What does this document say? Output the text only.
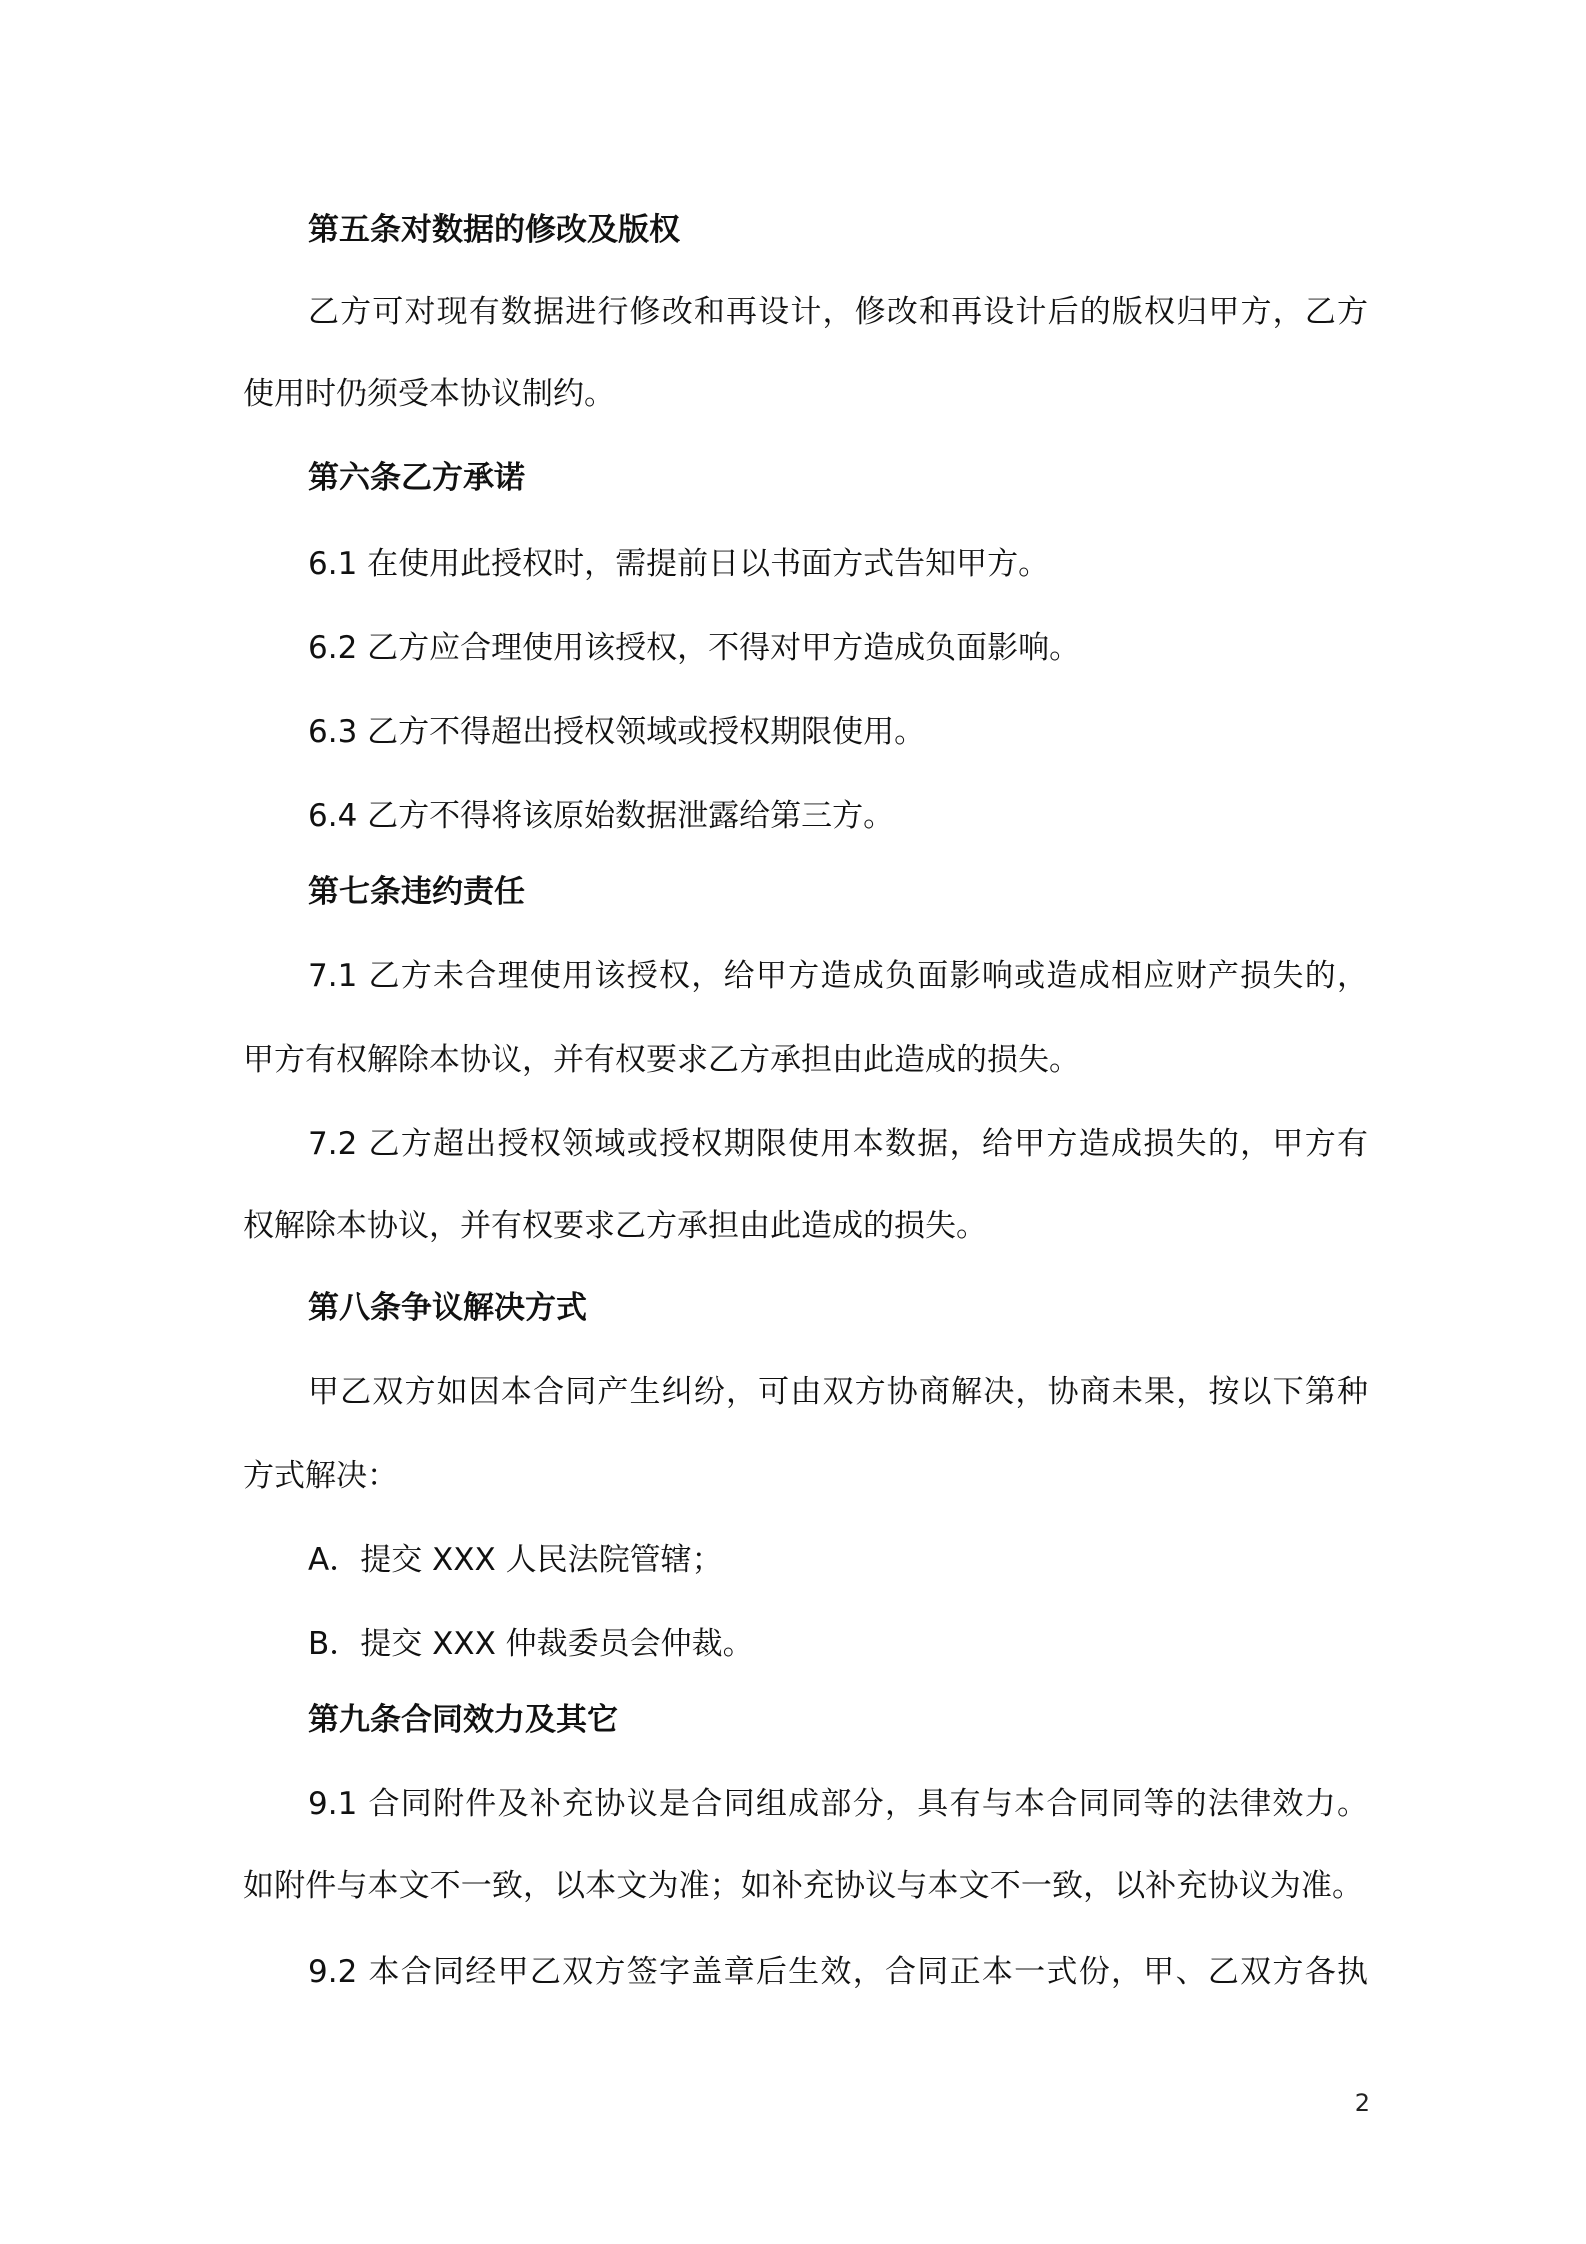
第五条对数据的修改及版权
乙方可对现有数据进行修改和再设计，修改和再设计后的版权归甲方，乙方
使用时仍须受本协议制约。
第六条乙方承诺
6.1 在使用此授权时，需提前日以书面方式告知甲方。
6.2 乙方应合理使用该授权，不得对甲方造成负面影响。
6.3 乙方不得超出授权领域或授权期限使用。
6.4 乙方不得将该原始数据泄露给第三方。
第七条违约责任
7.1 乙方未合理使用该授权，给甲方造成负面影响或造成相应财产损失的，
甲方有权解除本协议，并有权要求乙方承担由此造成的损失。
7.2 乙方超出授权领域或授权期限使用本数据，给甲方造成损失的，甲方有
权解除本协议，并有权要求乙方承担由此造成的损失。
第八条争议解决方式
甲乙双方如因本合同产生纠纷，可由双方协商解决，协商未果，按以下第种
方式解决：
A．提交 XXX 人民法院管辖；
B．提交 XXX 仲裁委员会仲裁。
第九条合同效力及其它
9.1 合同附件及补充协议是合同组成部分，具有与本合同同等的法律效力。
如附件与本文不一致，以本文为准；如补充协议与本文不一致，以补充协议为准。
9.2 本合同经甲乙双方签字盖章后生效，合同正本一式份，甲、乙双方各执
2
